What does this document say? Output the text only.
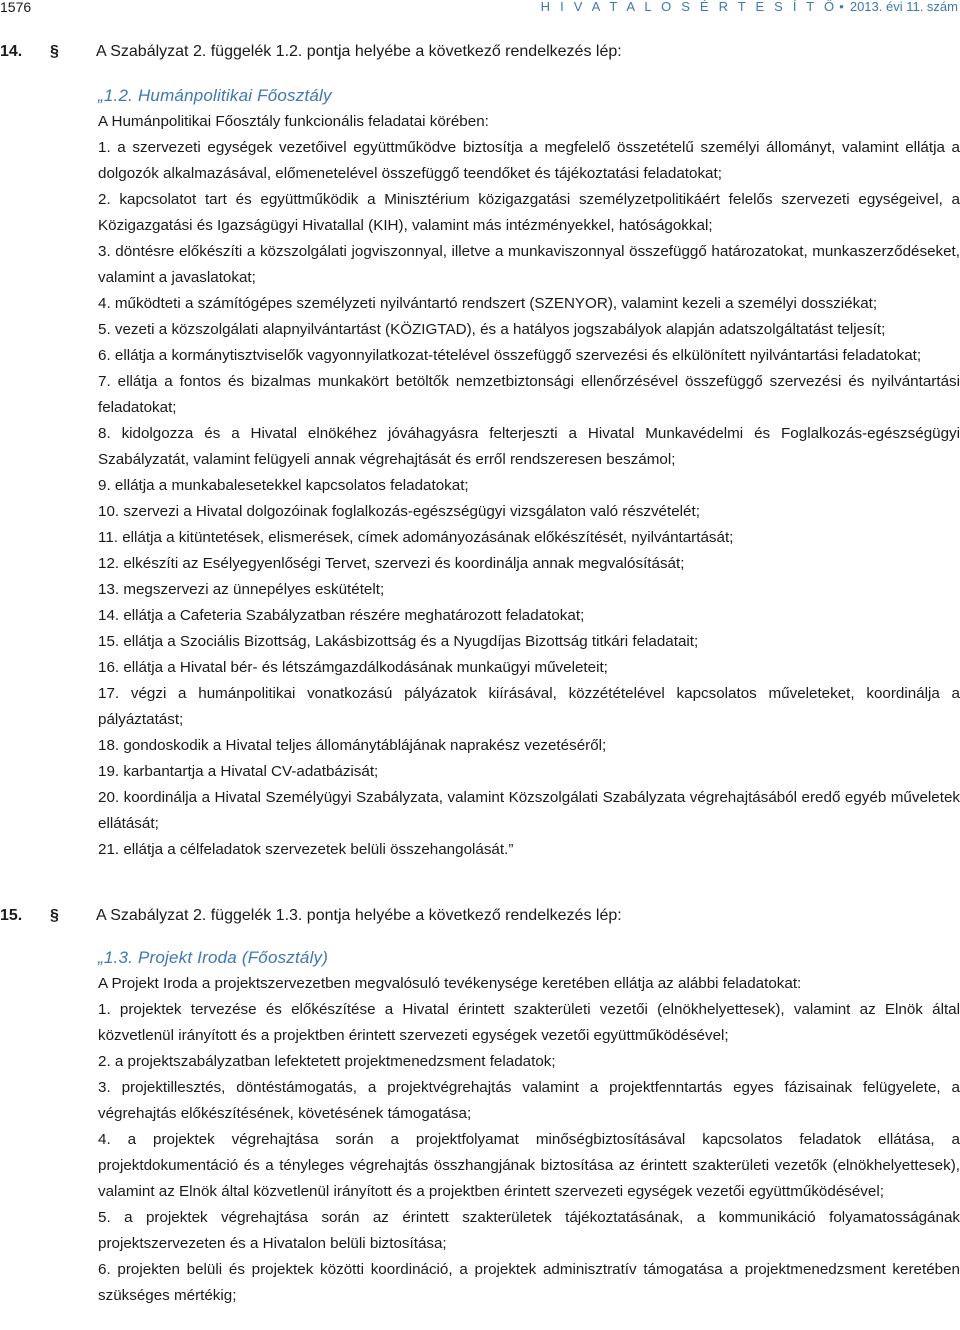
1576	H I V A T A L O S É R T E S Í T Ő • 2013. évi 11. szám
14. § A Szabályzat 2. függelék 1.2. pontja helyébe a következő rendelkezés lép:
„1.2. Humánpolitikai Főosztály
A Humánpolitikai Főosztály funkcionális feladatai körében:
1. a szervezeti egységek vezetőivel együttműködve biztosítja a megfelelő összetételű személyi állományt, valamint ellátja a dolgozók alkalmazásával, előmenetelével összefüggő teendőket és tájékoztatási feladatokat;
2. kapcsolatot tart és együttműködik a Minisztérium közigazgatási személyzetpolitikáért felelős szervezeti egységeivel, a Közigazgatási és Igazságügyi Hivatallal (KIH), valamint más intézményekkel, hatóságokkal;
3. döntésre előkészíti a közszolgálati jogviszonnyal, illetve a munkaviszonnyal összefüggő határozatokat, munkaszerződéseket, valamint a javaslatokat;
4. működteti a számítógépes személyzeti nyilvántartó rendszert (SZENYOR), valamint kezeli a személyi dossziékat;
5. vezeti a közszolgálati alapnyilvántartást (KÖZIGTAD), és a hatályos jogszabályok alapján adatszolgáltatást teljesít;
6. ellátja a kormánytisztviselők vagyonnyilatkozat-tételével összefüggő szervezési és elkülönített nyilvántartási feladatokat;
7. ellátja a fontos és bizalmas munkakört betöltők nemzetbiztonsági ellenőrzésével összefüggő szervezési és nyilvántartási feladatokat;
8. kidolgozza és a Hivatal elnökéhez jóváhagyásra felterjeszti a Hivatal Munkavédelmi és Foglalkozás-egészségügyi Szabályzatát, valamint felügyeli annak végrehajtását és erről rendszeresen beszámol;
9. ellátja a munkabalesetekkel kapcsolatos feladatokat;
10. szervezi a Hivatal dolgozóinak foglalkozás-egészségügyi vizsgálaton való részvételét;
11. ellátja a kitüntetések, elismerések, címek adományozásának előkészítését, nyilvántartását;
12. elkészíti az Esélyegyenlőségi Tervet, szervezi és koordinálja annak megvalósítását;
13. megszervezi az ünnepélyes eskütételt;
14. ellátja a Cafeteria Szabályzatban részére meghatározott feladatokat;
15. ellátja a Szociális Bizottság, Lakásbizottság és a Nyugdíjas Bizottság titkári feladatait;
16. ellátja a Hivatal bér- és létszámgazdálkodásának munkaügyi műveleteit;
17. végzi a humánpolitikai vonatkozású pályázatok kiírásával, közzétételével kapcsolatos műveleteket, koordinálja a pályáztatást;
18. gondoskodik a Hivatal teljes állománytáblájának naprakész vezetéséről;
19. karbantartja a Hivatal CV-adatbázisát;
20. koordinálja a Hivatal Személyügyi Szabályzata, valamint Közszolgálati Szabályzata végrehajtásából eredő egyéb műveletek ellátását;
21. ellátja a célfeladatok szervezetek belüli összehangolását.”
15. § A Szabályzat 2. függelék 1.3. pontja helyébe a következő rendelkezés lép:
„1.3. Projekt Iroda (Főosztály)
A Projekt Iroda a projektszervezetben megvalósuló tevékenysége keretében ellátja az alábbi feladatokat:
1. projektek tervezése és előkészítése a Hivatal érintett szakterületi vezetői (elnökhelyettesek), valamint az Elnök által közvetlenül irányított és a projektben érintett szervezeti egységek vezetői együttműködésével;
2. a projektszabályzatban lefektetett projektmenedzsment feladatok;
3. projektillesztés, döntéstámogatás, a projektvégrehajtás valamint a projektfenntartás egyes fázisainak felügyelete, a végrehajtás előkészítésének, követésének támogatása;
4. a projektek végrehajtása során a projektfolyamat minőségbiztosításával kapcsolatos feladatok ellátása, a projektdokumentáció és a tényleges végrehajtás összhangjának biztosítása az érintett szakterületi vezetők (elnökhelyettesek), valamint az Elnök által közvetlenül irányított és a projektben érintett szervezeti egységek vezetői együttműködésével;
5. a projektek végrehajtása során az érintett szakterületek tájékoztatásának, a kommunikáció folyamatosságának projektszervezeten és a Hivatalon belüli biztosítása;
6. projekten belüli és projektek közötti koordináció, a projektek adminisztratív támogatása a projektmenedzsment keretében szükséges mértékig;
